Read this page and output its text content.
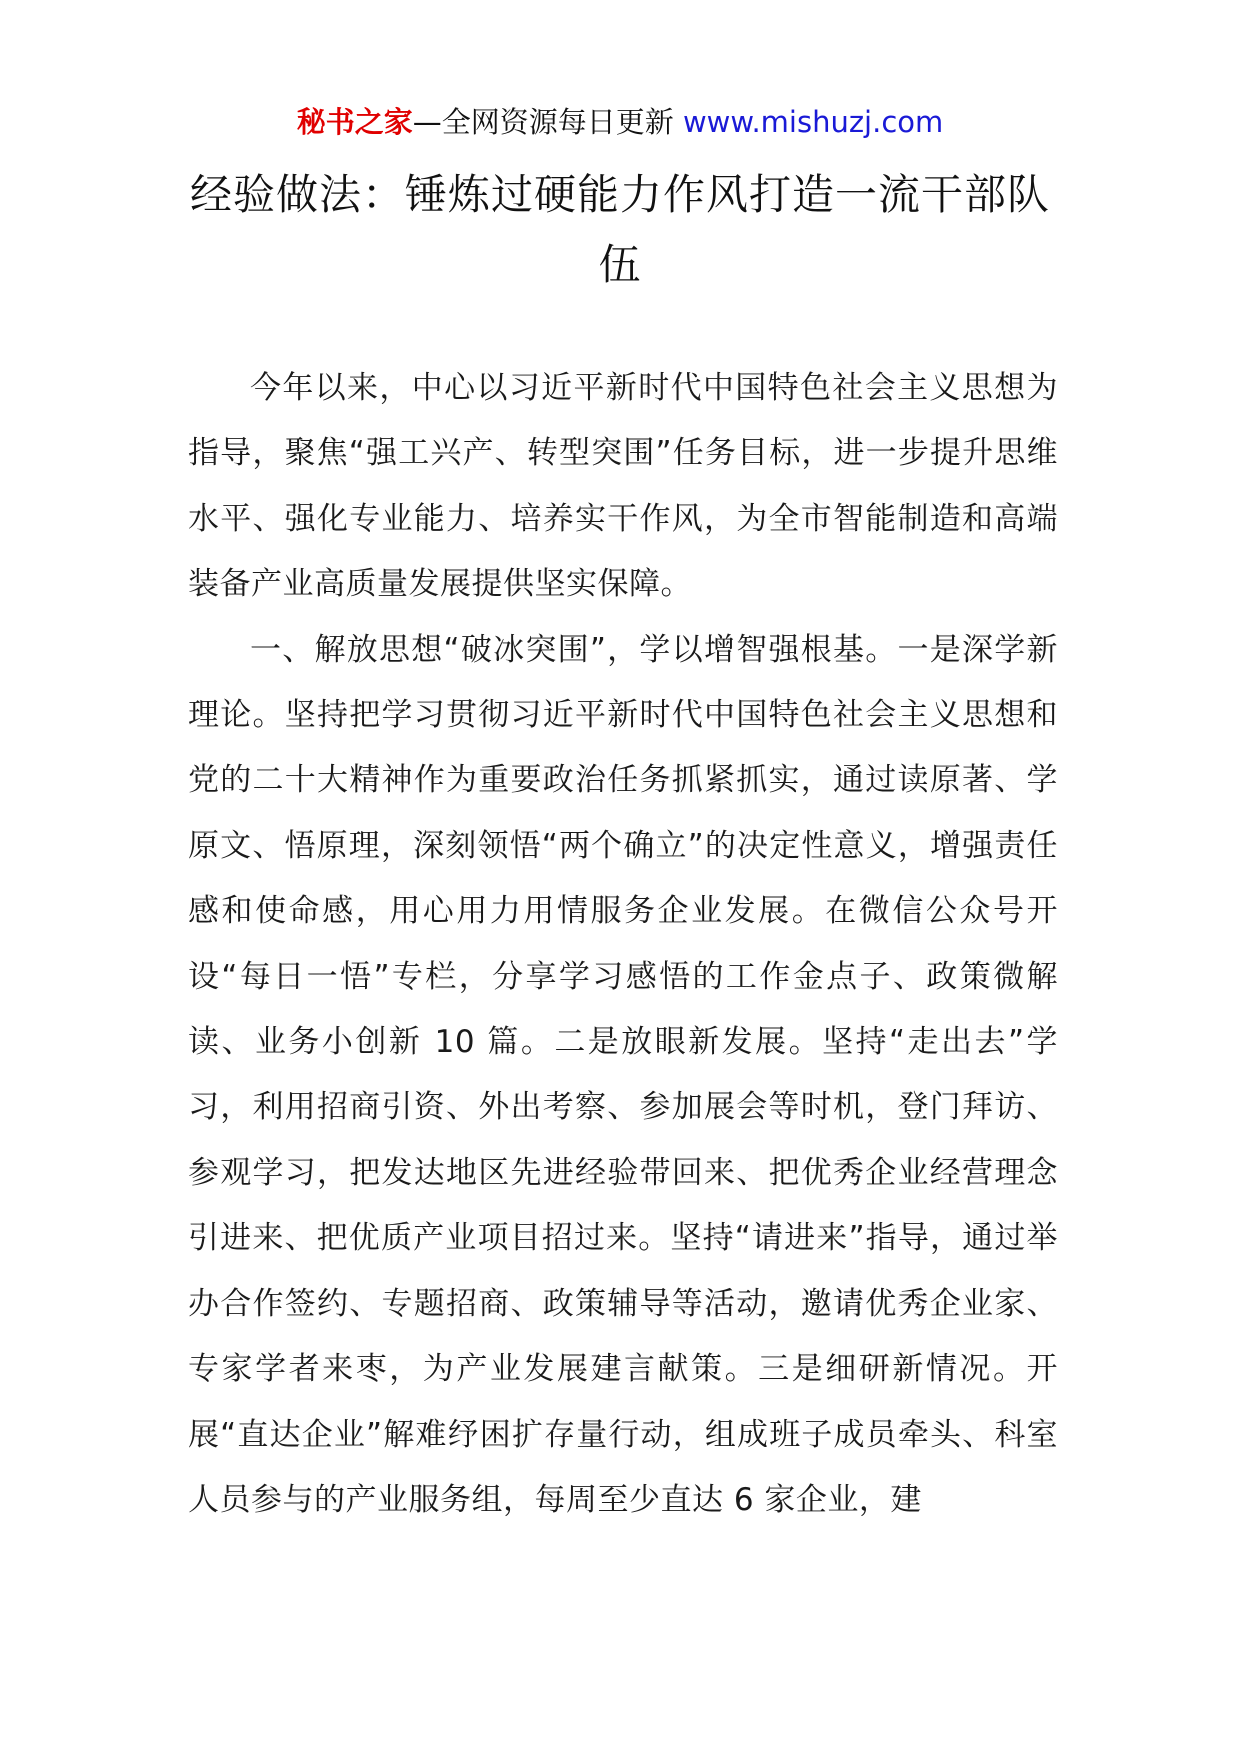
秘书之家—全网资源每日更新 www.mishuzj.com
经验做法：锤炼过硬能力作风打造一流干部队伍

今年以来，中心以习近平新时代中国特色社会主义思想为指导，聚焦“强工兴产、转型突围”任务目标，进一步提升思维水平、强化专业能力、培养实干作风，为全市智能制造和高端装备产业高质量发展提供坚实保障。

一、解放思想“破冰突围”，学以增智强根基。一是深学新理论。坚持把学习贯彻习近平新时代中国特色社会主义思想和党的二十大精神作为重要政治任务抓紧抓实，通过读原著、学原文、悟原理，深刻领悟“两个确立”的决定性意义，增强责任感和使命感，用心用力用情服务企业发展。在微信公众号开设“每日一悟”专栏，分享学习感悟的工作金点子、政策微解读、业务小创新 10 篇。二是放眼新发展。坚持“走出去”学习，利用招商引资、外出考察、参加展会等时机，登门拜访、参观学习，把发达地区先进经验带回来、把优秀企业经营理念引进来、把优质产业项目招过来。坚持“请进来”指导，通过举办合作签约、专题招商、政策辅导等活动，邀请优秀企业家、专家学者来枣，为产业发展建言献策。三是细研新情况。开展“直达企业”解难纾困扩存量行动，组成班子成员牵头、科室人员参与的产业服务组，每周至少直达 6 家企业，建
